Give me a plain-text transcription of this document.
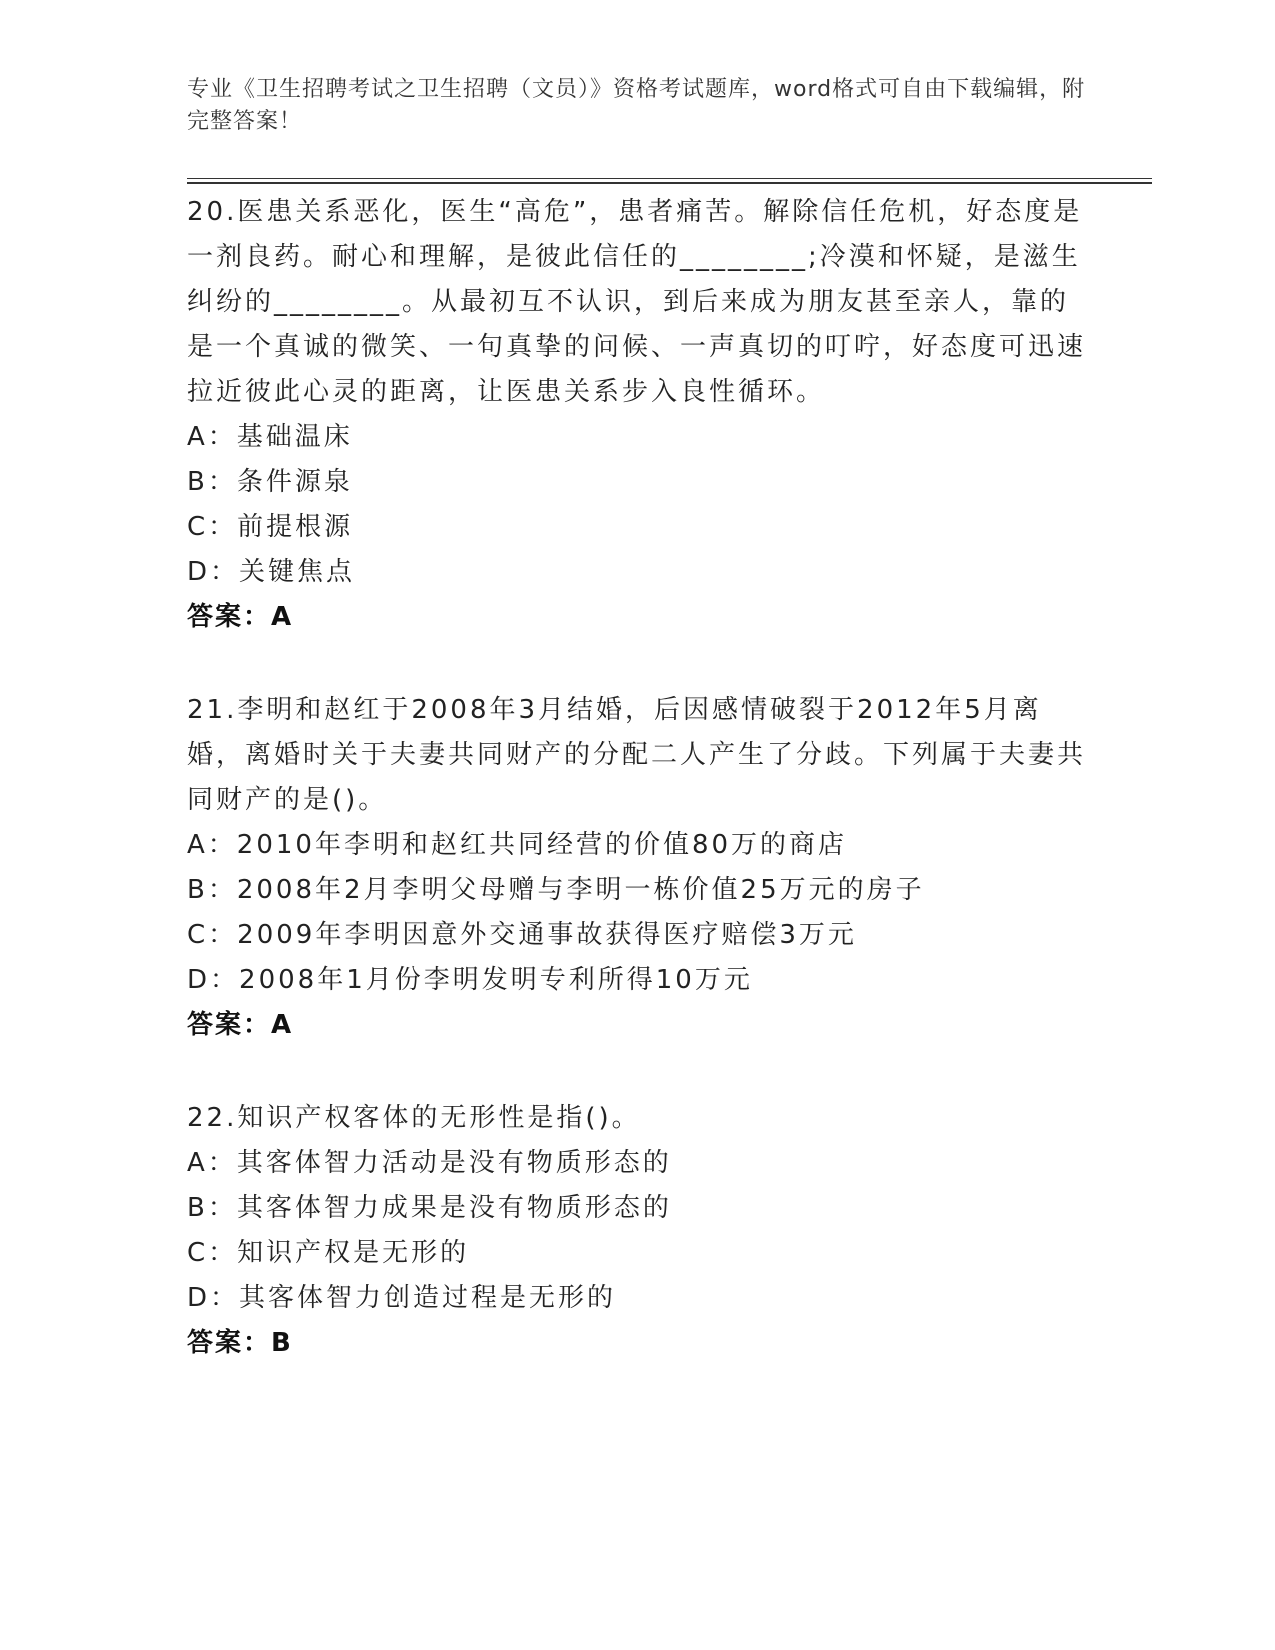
专业《卫生招聘考试之卫生招聘（文员）》资格考试题库，word格式可自由下载编辑，附完整答案！

20.医患关系恶化，医生“高危”，患者痛苦。解除信任危机，好态度是一剂良药。耐心和理解，是彼此信任的________;冷漠和怀疑，是滋生纠纷的________。从最初互不认识，到后来成为朋友甚至亲人，靠的是一个真诚的微笑、一句真挚的问候、一声真切的叮咛，好态度可迅速拉近彼此心灵的距离，让医患关系步入良性循环。

A：基础温床

B：条件源泉

C：前提根源

D：关键焦点

答案：A

21.李明和赵红于2008年3月结婚，后因感情破裂于2012年5月离婚，离婚时关于夫妻共同财产的分配二人产生了分歧。下列属于夫妻共同财产的是()。

A：2010年李明和赵红共同经营的价值80万的商店

B：2008年2月李明父母赠与李明一栋价值25万元的房子

C：2009年李明因意外交通事故获得医疗赔偿3万元

D：2008年1月份李明发明专利所得10万元

答案：A

22.知识产权客体的无形性是指()。

A：其客体智力活动是没有物质形态的

B：其客体智力成果是没有物质形态的

C：知识产权是无形的

D：其客体智力创造过程是无形的

答案：B
